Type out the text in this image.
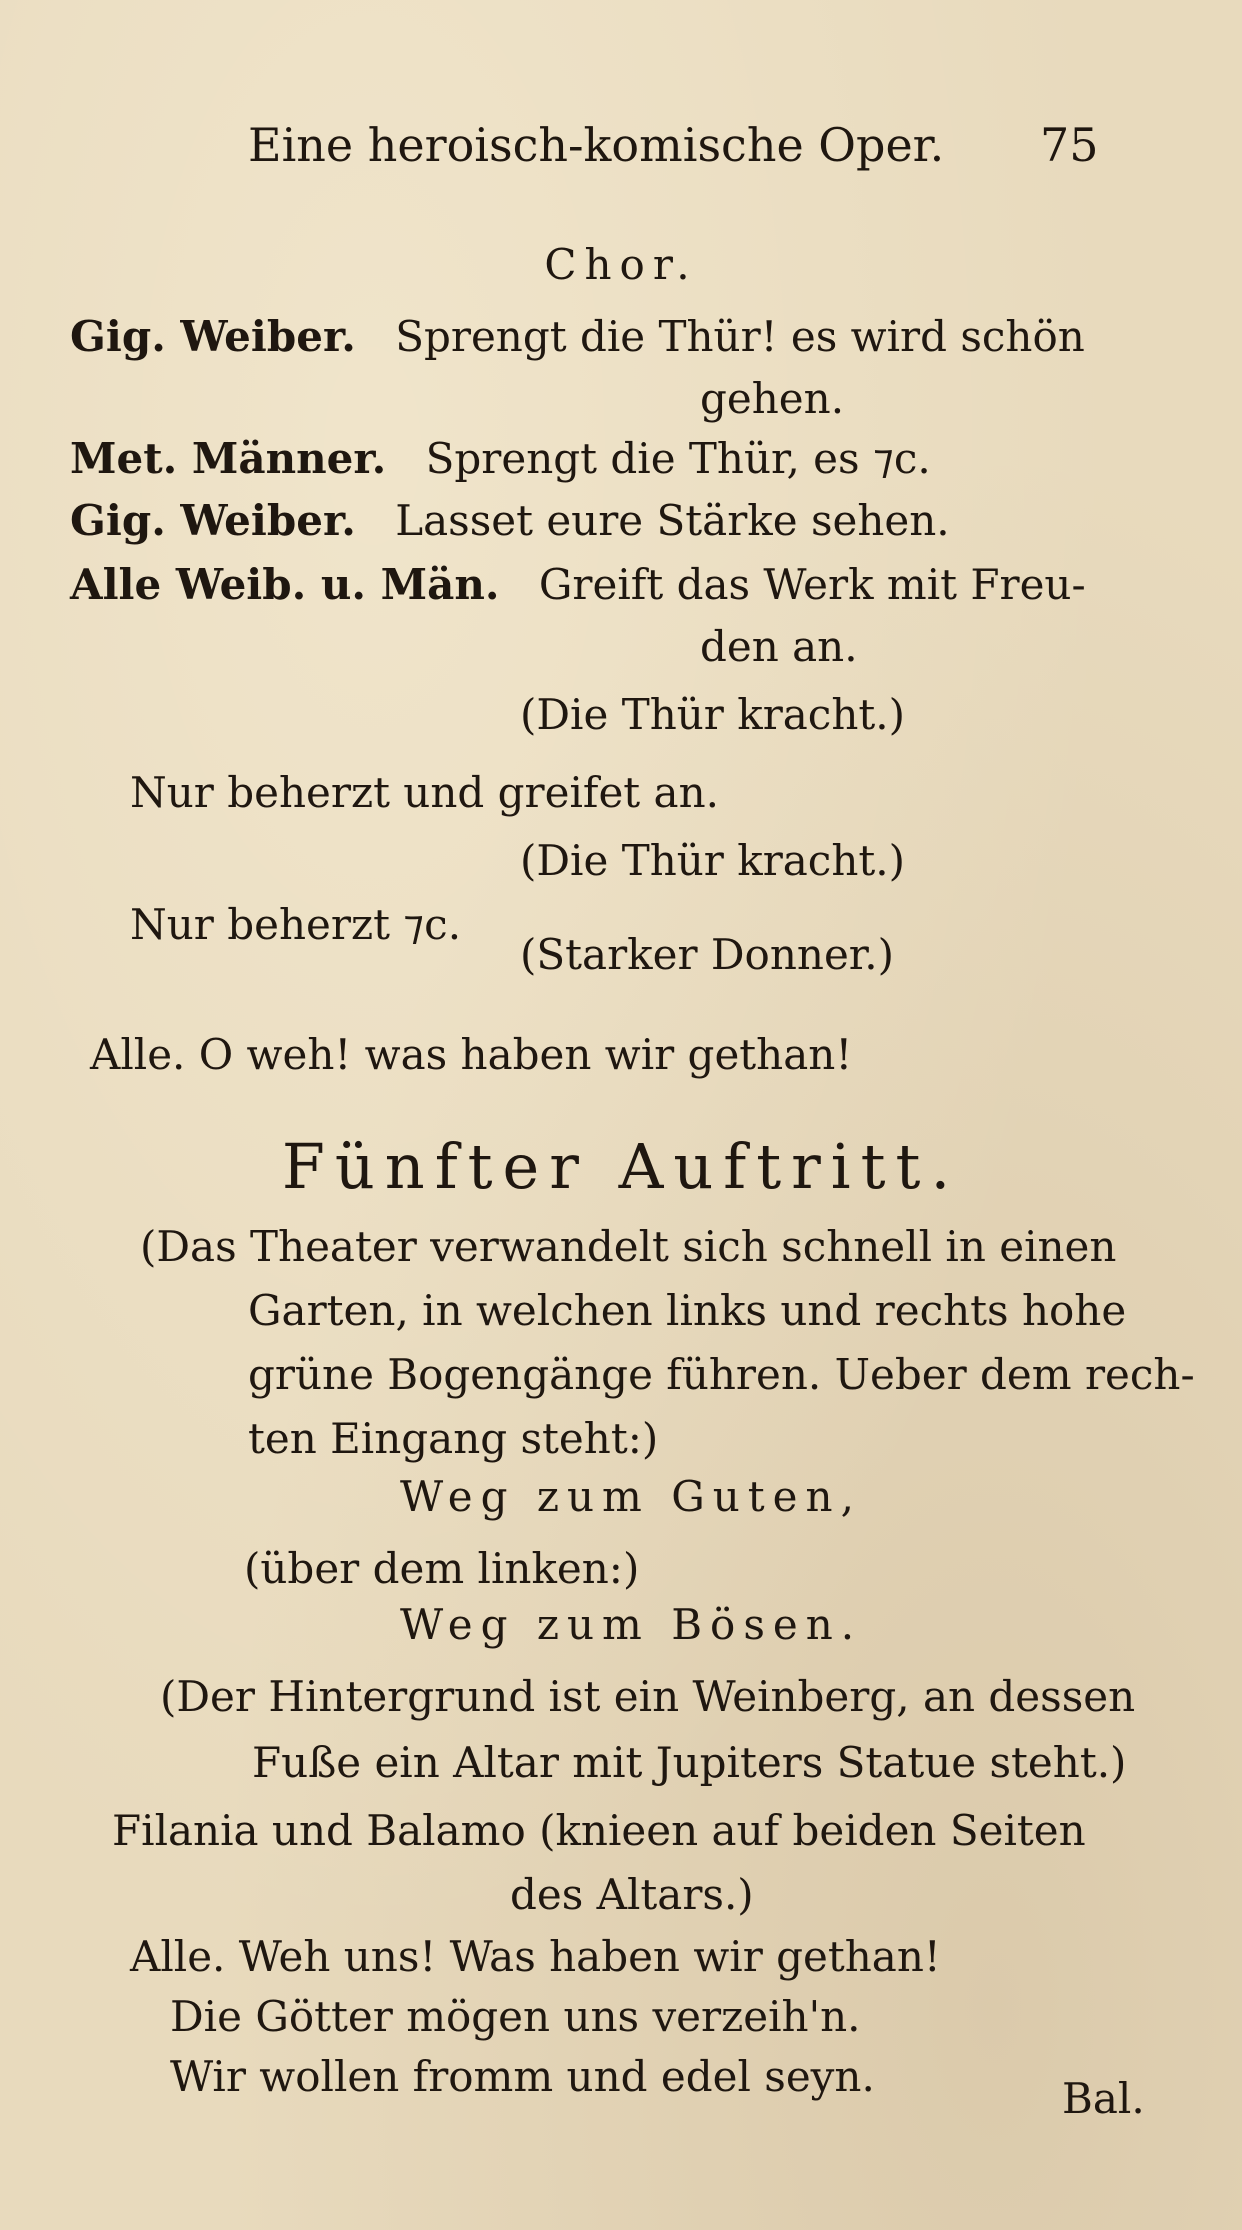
Eine heroisch-komische Oper. 75
Chor.
Gig. Weiber. Sprengt die Thür! es wird schön
gehen.
Met. Männer. Sprengt die Thür, es ⁊c.
Gig. Weiber. Lasset eure Stärke sehen.
Alle Weib. u. Män. Greift das Werk mit Freu-
den an.
(Die Thür kracht.)
Nur beherzt und greifet an.
(Die Thür kracht.)
Nur beherzt ⁊c.
(Starker Donner.)
Alle. O weh! was haben wir gethan!
Fünfter Auftritt.
(Das Theater verwandelt sich schnell in einen
Garten, in welchen links und rechts hohe
grüne Bogengänge führen. Ueber dem rech-
ten Eingang steht:)
Weg zum Guten,
(über dem linken:)
Weg zum Bösen.
(Der Hintergrund ist ein Weinberg, an dessen
Fuße ein Altar mit Jupiters Statue steht.)
Filania und Balamo (knieen auf beiden Seiten
des Altars.)
Alle. Weh uns! Was haben wir gethan!
Die Götter mögen uns verzeih'n.
Wir wollen fromm und edel seyn.	Bal.
